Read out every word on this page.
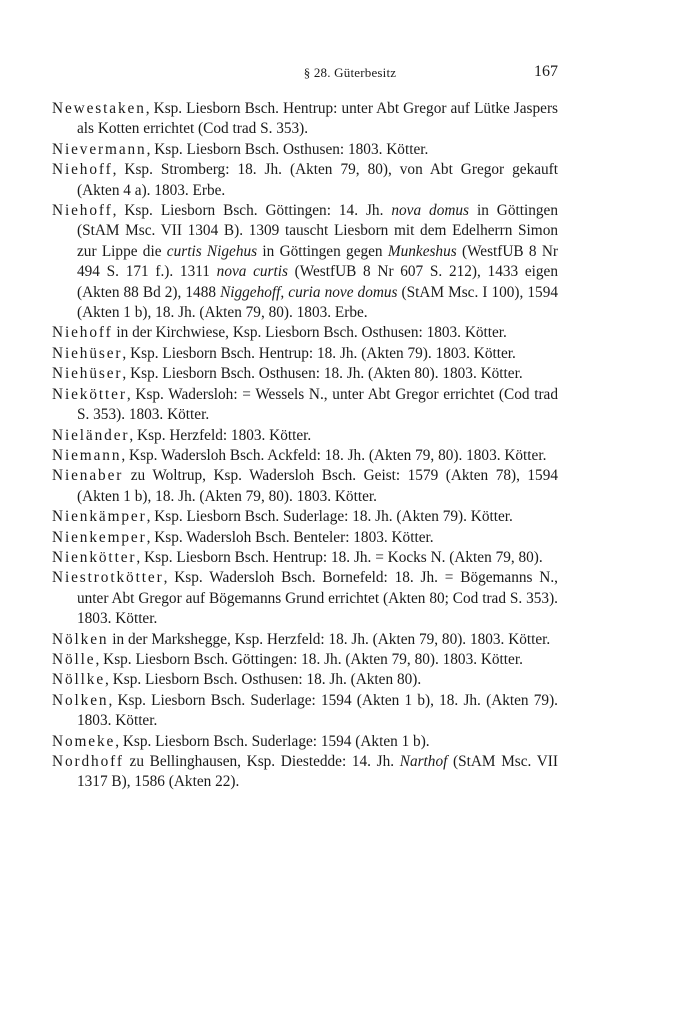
§ 28. Güterbesitz	167

Newestaken, Ksp. Liesborn Bsch. Hentrup: unter Abt Gregor auf Lütke Jaspers als Kotten errichtet (Cod trad S. 353).

Nievermann, Ksp. Liesborn Bsch. Osthusen: 1803. Kötter.

Niehoff, Ksp. Stromberg: 18. Jh. (Akten 79, 80), von Abt Gregor gekauft (Akten 4 a). 1803. Erbe.

Niehoff, Ksp. Liesborn Bsch. Göttingen: 14. Jh. nova domus in Göttingen (StAM Msc. VII 1304 B). 1309 tauscht Liesborn mit dem Edelherrn Simon zur Lippe die curtis Nigehus in Göttingen gegen Munkeshus (WestfUB 8 Nr 494 S. 171 f.). 1311 nova curtis (WestfUB 8 Nr 607 S. 212), 1433 eigen (Akten 88 Bd 2), 1488 Niggehoff, curia nove domus (StAM Msc. I 100), 1594 (Akten 1 b), 18. Jh. (Akten 79, 80). 1803. Erbe.

Niehoff in der Kirchwiese, Ksp. Liesborn Bsch. Osthusen: 1803. Kötter.

Niehüser, Ksp. Liesborn Bsch. Hentrup: 18. Jh. (Akten 79). 1803. Kötter.

Niehüser, Ksp. Liesborn Bsch. Osthusen: 18. Jh. (Akten 80). 1803. Kötter.

Niekötter, Ksp. Wadersloh: = Wessels N., unter Abt Gregor errichtet (Cod trad S. 353). 1803. Kötter.

Nieländer, Ksp. Herzfeld: 1803. Kötter.

Niemann, Ksp. Wadersloh Bsch. Ackfeld: 18. Jh. (Akten 79, 80). 1803. Kötter.

Nienaber zu Woltrup, Ksp. Wadersloh Bsch. Geist: 1579 (Akten 78), 1594 (Akten 1 b), 18. Jh. (Akten 79, 80). 1803. Kötter.

Nienkämper, Ksp. Liesborn Bsch. Suderlage: 18. Jh. (Akten 79). Kötter.

Nienkemper, Ksp. Wadersloh Bsch. Benteler: 1803. Kötter.

Nienkötter, Ksp. Liesborn Bsch. Hentrup: 18. Jh. = Kocks N. (Akten 79, 80).

Niestrotkötter, Ksp. Wadersloh Bsch. Bornefeld: 18. Jh. = Bögemanns N., unter Abt Gregor auf Bögemanns Grund errichtet (Akten 80; Cod trad S. 353). 1803. Kötter.

Nölken in der Markshegge, Ksp. Herzfeld: 18. Jh. (Akten 79, 80). 1803. Kötter.

Nölle, Ksp. Liesborn Bsch. Göttingen: 18. Jh. (Akten 79, 80). 1803. Kötter.

Nöllke, Ksp. Liesborn Bsch. Osthusen: 18. Jh. (Akten 80).

Nolken, Ksp. Liesborn Bsch. Suderlage: 1594 (Akten 1 b), 18. Jh. (Akten 79). 1803. Kötter.

Nomeke, Ksp. Liesborn Bsch. Suderlage: 1594 (Akten 1 b).

Nordhoff zu Bellinghausen, Ksp. Diestedde: 14. Jh. Narthof (StAM Msc. VII 1317 B), 1586 (Akten 22).
